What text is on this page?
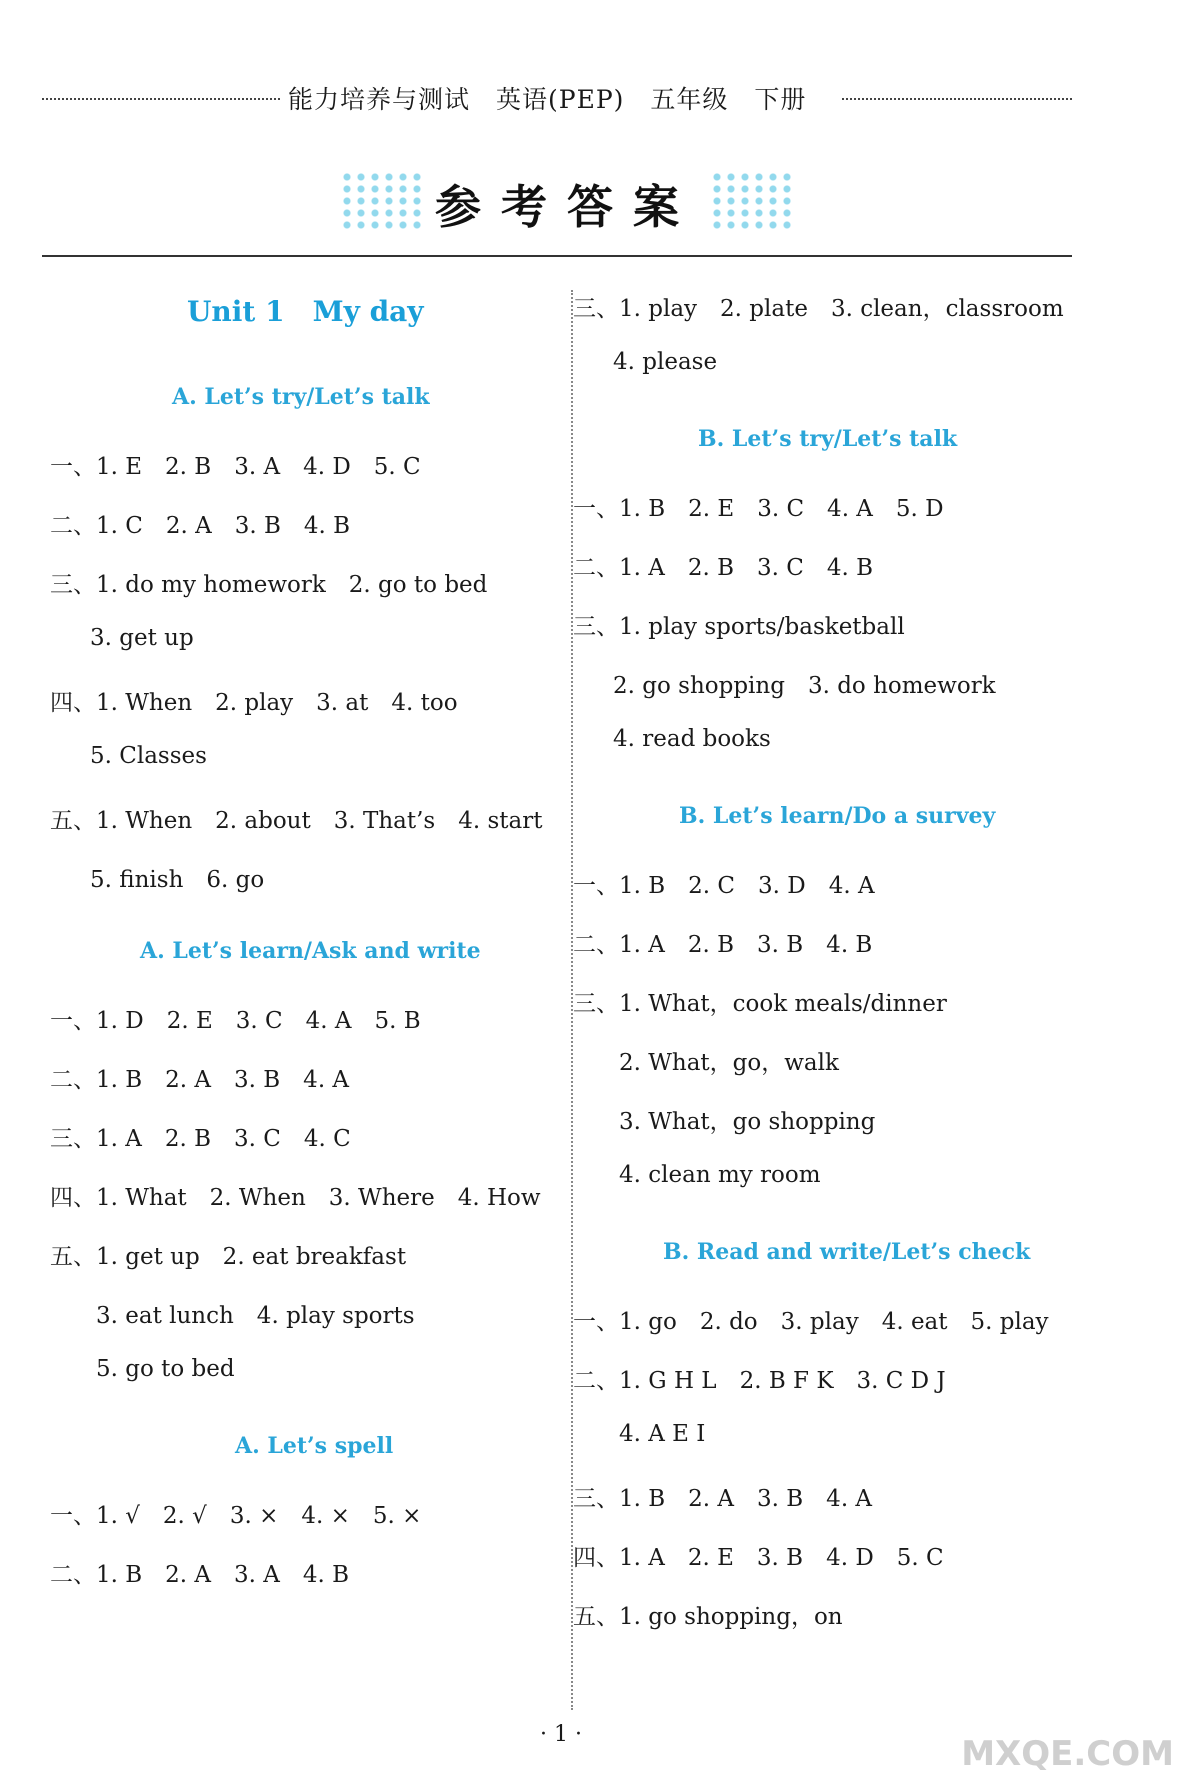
能力培养与测试　英语(PEP)　五年级　下册
参考答案
Unit 1　My day
A. Let’s try/Let’s talk
一、1. E　2. B　3. A　4. D　5. C
二、1. C　2. A　3. B　4. B
三、1. do my homework　2. go to bed
3. get up
四、1. When　2. play　3. at　4. too
5. Classes
五、1. When　2. about　3. That’s　4. start
5. finish　6. go
A. Let’s learn/Ask and write
一、1. D　2. E　3. C　4. A　5. B
二、1. B　2. A　3. B　4. A
三、1. A　2. B　3. C　4. C
四、1. What　2. When　3. Where　4. How
五、1. get up　2. eat breakfast
3. eat lunch　4. play sports
5. go to bed
A. Let’s spell
一、1. √　2. √　3. ×　4. ×　5. ×
二、1. B　2. A　3. A　4. B
三、1. play　2. plate　3. clean，classroom
4. please
B. Let’s try/Let’s talk
一、1. B　2. E　3. C　4. A　5. D
二、1. A　2. B　3. C　4. B
三、1. play sports/basketball
2. go shopping　3. do homework
4. read books
B. Let’s learn/Do a survey
一、1. B　2. C　3. D　4. A
二、1. A　2. B　3. B　4. B
三、1. What，cook meals/dinner
2. What，go，walk
3. What，go shopping
4. clean my room
B. Read and write/Let’s check
一、1. go　2. do　3. play　4. eat　5. play
二、1. G H L　2. B F K　3. C D J
4. A E I
三、1. B　2. A　3. B　4. A
四、1. A　2. E　3. B　4. D　5. C
五、1. go shopping，on
· 1 ·	MXQE.COM
